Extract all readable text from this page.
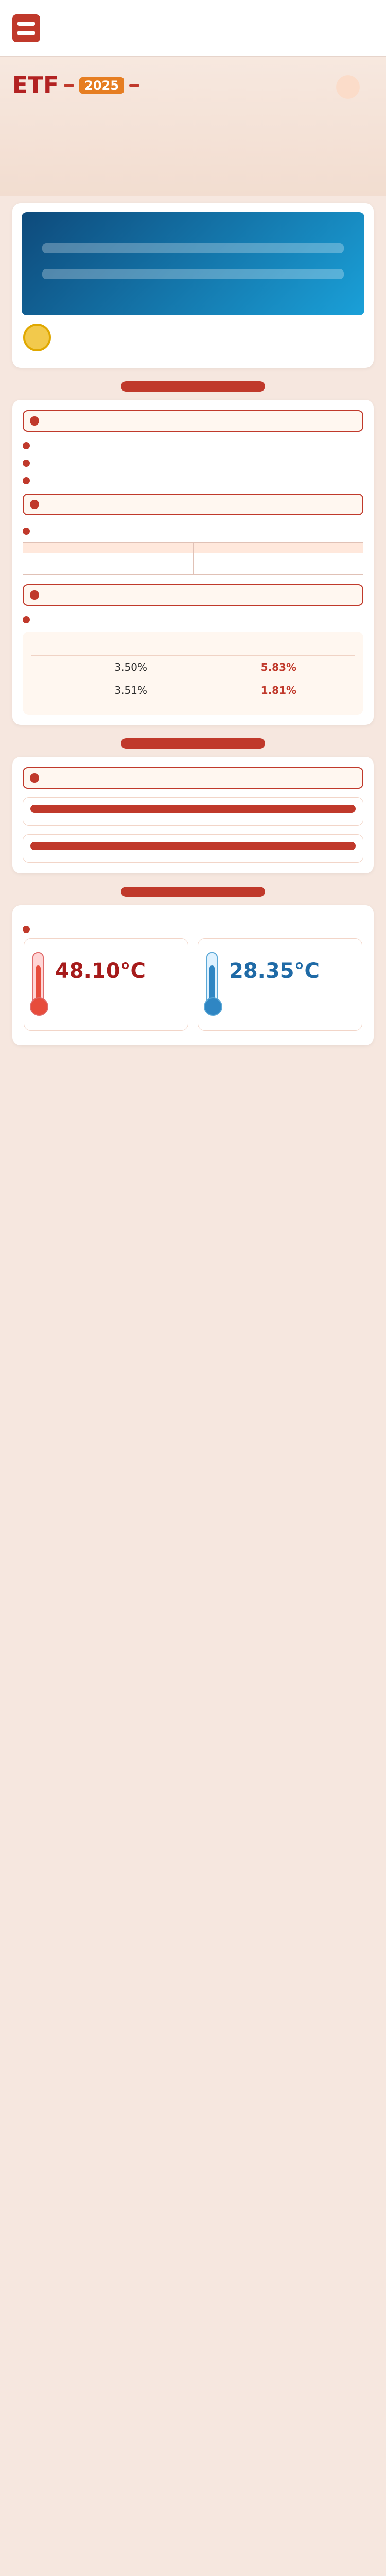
ETF	2025

	3.50%	5.83%
	3.51%	1.81%
48.10°C	28.35°C
